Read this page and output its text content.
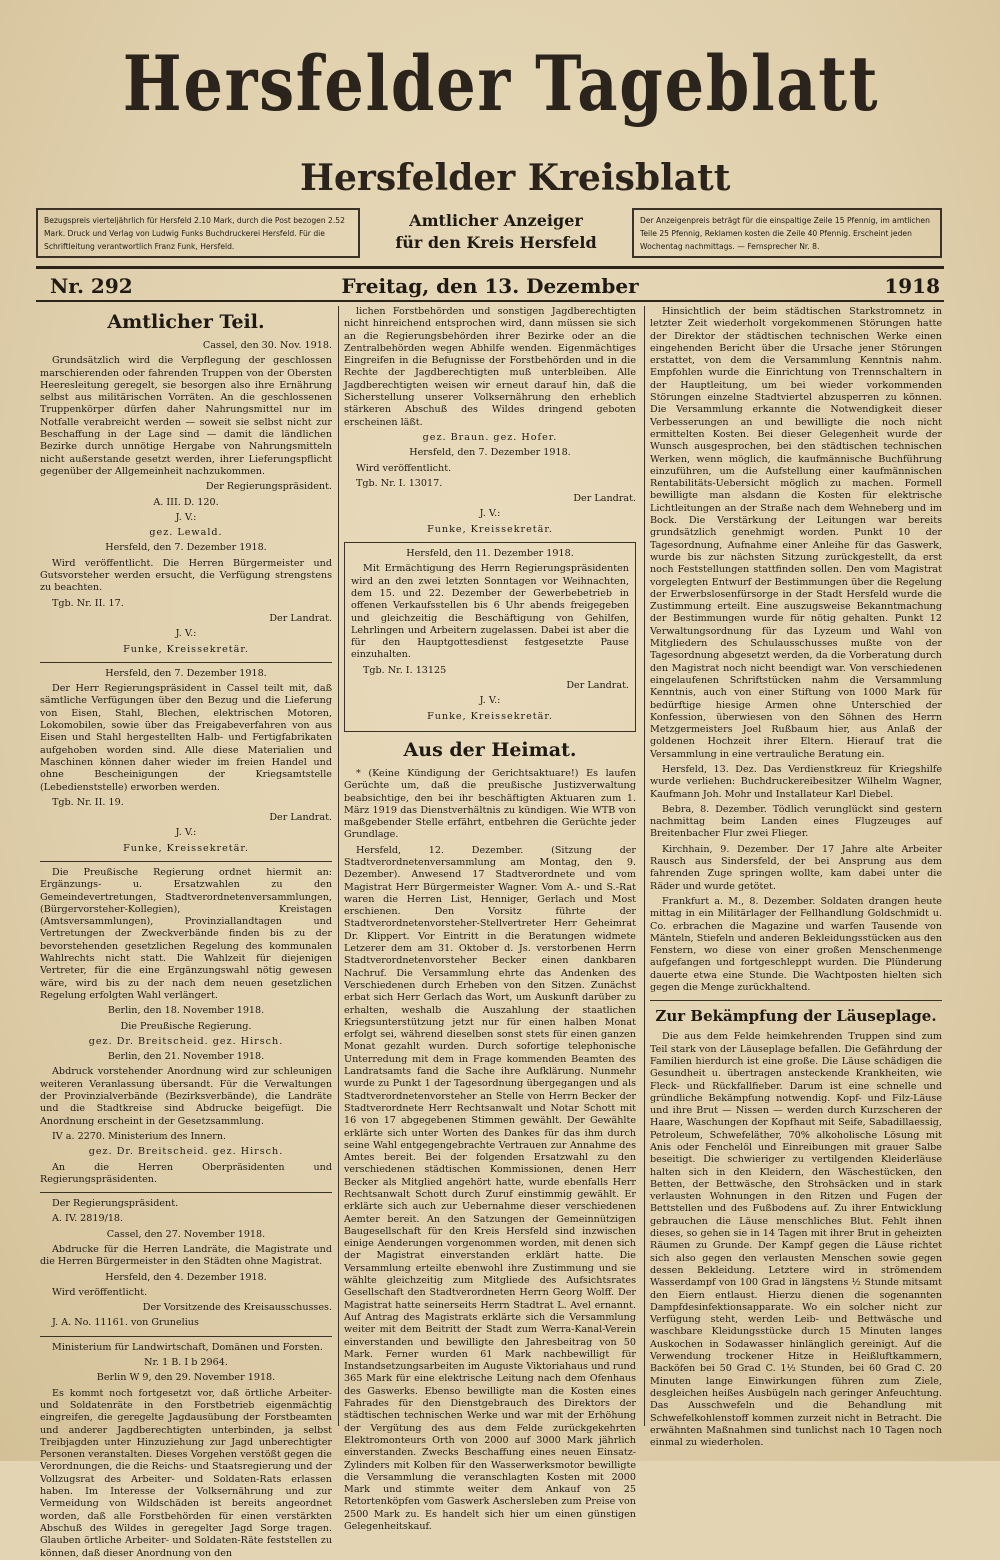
Hersfelder Tageblatt
Hersfelder Kreisblatt
Bezugspreis vierteljährlich für Hersfeld 2.10 Mark, durch die Post bezogen 2.52 Mark. Druck und Verlag von Ludwig Funks Buchdruckerei Hersfeld. Für die Schriftleitung verantwortlich Franz Funk, Hersfeld.
Amtlicher Anzeiger
für den Kreis Hersfeld
Der Anzeigenpreis beträgt für die einspaltige Zeile 15 Pfennig, im amtlichen Teile 25 Pfennig, Reklamen kosten die Zeile 40 Pfennig. Erscheint jeden Wochentag nachmittags. — Fernsprecher Nr. 8.
Nr. 292	Freitag, den 13. Dezember	1918
Amtlicher Teil.

Cassel, den 30. Nov. 1918.

Grundsätzlich wird die Verpflegung der geschlossen marschierenden oder fahrenden Truppen von der Obersten Heeresleitung geregelt, sie besorgen also ihre Ernährung selbst aus militärischen Vorräten. An die geschlossenen Truppenkörper dürfen daher Nahrungsmittel nur im Notfalle verabreicht werden — soweit sie selbst nicht zur Beschaffung in der Lage sind — damit die ländlichen Bezirke durch unnötige Hergabe von Nahrungsmitteln nicht außerstande gesetzt werden, ihrer Lieferungspflicht gegenüber der Allgemeinheit nachzukommen.

Der Regierungspräsident.

A. III. D. 120.

J. V.:

gez. Lewald.

Hersfeld, den 7. Dezember 1918.

Wird veröffentlicht. Die Herren Bürgermeister und Gutsvorsteher werden ersucht, die Verfügung strengstens zu beachten.

Tgb. Nr. II. 17.

Der Landrat.

J. V.:

Funke, Kreissekretär.

Hersfeld, den 7. Dezember 1918.

Der Herr Regierungspräsident in Cassel teilt mit, daß sämtliche Verfügungen über den Bezug und die Lieferung von Eisen, Stahl, Blechen, elektrischen Motoren, Lokomobilen, sowie über das Freigabeverfahren von aus Eisen und Stahl hergestellten Halb- und Fertigfabrikaten aufgehoben worden sind. Alle diese Materialien und Maschinen können daher wieder im freien Handel und ohne Bescheinigungen der Kriegsamtstelle (Lebedienststelle) erworben werden.

Tgb. Nr. II. 19.

Der Landrat.

J. V.:

Funke, Kreissekretär.

Die Preußische Regierung ordnet hiermit an: Ergänzungs- u. Ersatzwahlen zu den Gemeindevertretungen, Stadtverordnetenversammlungen, (Bürgervorsteher-Kollegien), Kreistagen (Amtsversammlungen), Provinziallandtagen und Vertretungen der Zweckverbände finden bis zu der bevorstehenden gesetzlichen Regelung des kommunalen Wahlrechts nicht statt. Die Wahlzeit für diejenigen Vertreter, für die eine Ergänzungswahl nötig gewesen wäre, wird bis zu der nach dem neuen gesetzlichen Regelung erfolgten Wahl verlängert.

Berlin, den 18. November 1918.

Die Preußische Regierung.

gez. Dr. Breitscheid. gez. Hirsch.

Berlin, den 21. November 1918.

Abdruck vorstehender Anordnung wird zur schleunigen weiteren Veranlassung übersandt. Für die Verwaltungen der Provinzialverbände (Bezirksverbände), die Landräte und die Stadtkreise sind Abdrucke beigefügt. Die Anordnung erscheint in der Gesetzsammlung.

IV a. 2270. Ministerium des Innern.

gez. Dr. Breitscheid. gez. Hirsch.

An die Herren Oberpräsidenten und Regierungspräsidenten.

Der Regierungspräsident.

A. IV. 2819/18.

Cassel, den 27. November 1918.

Abdrucke für die Herren Landräte, die Magistrate und die Herren Bürgermeister in den Städten ohne Magistrat.

Hersfeld, den 4. Dezember 1918.

Wird veröffentlicht.

Der Vorsitzende des Kreisausschusses.

J. A. No. 11161. von Grunelius

Ministerium für Landwirtschaft, Domänen und Forsten.

Nr. 1 B. I b 2964.

Berlin W 9, den 29. November 1918.

Es kommt noch fortgesetzt vor, daß örtliche Arbeiter- und Soldatenräte in den Forstbetrieb eigenmächtig eingreifen, die geregelte Jagdausübung der Forstbeamten und anderer Jagdberechtigten unterbinden, ja selbst Treibjagden unter Hinzuziehung zur Jagd unberechtigter Personen veranstalten. Dieses Vorgehen verstößt gegen die Verordnungen, die die Reichs- und Staatsregierung und der Vollzugsrat des Arbeiter- und Soldaten-Rats erlassen haben. Im Interesse der Volksernährung und zur Vermeidung von Wildschäden ist bereits angeordnet worden, daß alle Forstbehörden für einen verstärkten Abschuß des Wildes in geregelter Jagd Sorge tragen. Glauben örtliche Arbeiter- und Soldaten-Räte feststellen zu können, daß dieser Anordnung von den

lichen Forstbehörden und sonstigen Jagdberechtigten nicht hinreichend entsprochen wird, dann müssen sie sich an die Regierungsbehörden ihrer Bezirke oder an die Zentralbehörden wegen Abhilfe wenden. Eigenmächtiges Eingreifen in die Befugnisse der Forstbehörden und in die Rechte der Jagdberechtigten muß unterbleiben. Alle Jagdberechtigten weisen wir erneut darauf hin, daß die Sicherstellung unserer Volksernährung den erheblich stärkeren Abschuß des Wildes dringend geboten erscheinen läßt.

gez. Braun. gez. Hofer.

Hersfeld, den 7. Dezember 1918.

Wird veröffentlicht.

Tgb. Nr. I. 13017.

Der Landrat.

J. V.:

Funke, Kreissekretär.

Hersfeld, den 11. Dezember 1918.

Mit Ermächtigung des Herrn Regierungspräsidenten wird an den zwei letzten Sonntagen vor Weihnachten, dem 15. und 22. Dezember der Gewerbebetrieb in offenen Verkaufsstellen bis 6 Uhr abends freigegeben und gleichzeitig die Beschäftigung von Gehilfen, Lehrlingen und Arbeitern zugelassen. Dabei ist aber die für den Hauptgottesdienst festgesetzte Pause einzuhalten.

Tgb. Nr. I. 13125

Der Landrat.

J. V.:

Funke, Kreissekretär.

Aus der Heimat.

* (Keine Kündigung der Gerichtsaktuare!) Es laufen Gerüchte um, daß die preußische Justizverwaltung beabsichtige, den bei ihr beschäftigten Aktuaren zum 1. März 1919 das Dienstverhältnis zu kündigen. Wie WTB von maßgebender Stelle erfährt, entbehren die Gerüchte jeder Grundlage.

Hersfeld, 12. Dezember. (Sitzung der Stadtverordnetenversammlung am Montag, den 9. Dezember). Anwesend 17 Stadtverordnete und vom Magistrat Herr Bürgermeister Wagner. Vom A.- und S.-Rat waren die Herren List, Henniger, Gerlach und Most erschienen. Den Vorsitz führte der Stadtverordnetenvorsteher-Stellvertreter Herr Geheimrat Dr. Klippert. Vor Eintritt in die Beratungen widmete Letzerer dem am 31. Oktober d. Js. verstorbenen Herrn Stadtverordnetenvorsteher Becker einen dankbaren Nachruf. Die Versammlung ehrte das Andenken des Verschiedenen durch Erheben von den Sitzen. Zunächst erbat sich Herr Gerlach das Wort, um Auskunft darüber zu erhalten, weshalb die Auszahlung der staatlichen Kriegsunterstützung jetzt nur für einen halben Monat erfolgt sei, während dieselben sonst stets für einen ganzen Monat gezahlt wurden. Durch sofortige telephonische Unterredung mit dem in Frage kommenden Beamten des Landratsamts fand die Sache ihre Aufklärung. Nunmehr wurde zu Punkt 1 der Tagesordnung übergegangen und als Stadtverordnetenvorsteher an Stelle von Herrn Becker der Stadtverordnete Herr Rechtsanwalt und Notar Schott mit 16 von 17 abgegebenen Stimmen gewählt. Der Gewählte erklärte sich unter Worten des Dankes für das ihm durch seine Wahl entgegengebrachte Vertrauen zur Annahme des Amtes bereit. Bei der folgenden Ersatzwahl zu den verschiedenen städtischen Kommissionen, denen Herr Becker als Mitglied angehört hatte, wurde ebenfalls Herr Rechtsanwalt Schott durch Zuruf einstimmig gewählt. Er erklärte sich auch zur Uebernahme dieser verschiedenen Aemter bereit. An den Satzungen der Gemeinnützigen Baugesellschaft für den Kreis Hersfeld sind inzwischen einige Aenderungen vorgenommen worden, mit denen sich der Magistrat einverstanden erklärt hatte. Die Versammlung erteilte ebenwohl ihre Zustimmung und sie wählte gleichzeitig zum Mitgliede des Aufsichtsrates Gesellschaft den Stadtverordneten Herrn Georg Wolff. Der Magistrat hatte seinerseits Herrn Stadtrat L. Avel ernannt. Auf Antrag des Magistrats erklärte sich die Versammlung weiter mit dem Beitritt der Stadt zum Werra-Kanal-Verein einverstanden und bewilligte den Jahresbeitrag von 50 Mark. Ferner wurden 61 Mark nachbewilligt für Instandsetzungsarbeiten im Auguste Viktoriahaus und rund 365 Mark für eine elektrische Leitung nach dem Ofenhaus des Gaswerks. Ebenso bewilligte man die Kosten eines Fahrades für den Dienstgebrauch des Direktors der städtischen technischen Werke und war mit der Erhöhung der Vergütung des aus dem Felde zurückgekehrten Elektromonteurs Orth von 2000 auf 3000 Mark jährlich einverstanden. Zwecks Beschaffung eines neuen Einsatz-Zylinders mit Kolben für den Wasserwerksmotor bewilligte die Versammlung die veranschlagten Kosten mit 2000 Mark und stimmte weiter dem Ankauf von 25 Retortenköpfen vom Gaswerk Aschersleben zum Preise von 2500 Mark zu. Es handelt sich hier um einen günstigen Gelegenheitskauf.

Hinsichtlich der beim städtischen Starkstromnetz in letzter Zeit wiederholt vorgekommenen Störungen hatte der Direktor der städtischen technischen Werke einen eingehenden Bericht über die Ursache jener Störungen erstattet, von dem die Versammlung Kenntnis nahm. Empfohlen wurde die Einrichtung von Trennschaltern in der Hauptleitung, um bei wieder vorkommenden Störungen einzelne Stadtviertel abzusperren zu können. Die Versammlung erkannte die Notwendigkeit dieser Verbesserungen an und bewilligte die noch nicht ermittelten Kosten. Bei dieser Gelegenheit wurde der Wunsch ausgesprochen, bei den städtischen technischen Werken, wenn möglich, die kaufmännische Buchführung einzuführen, um die Aufstellung einer kaufmännischen Rentabilitäts-Uebersicht möglich zu machen. Formell bewilligte man alsdann die Kosten für elektrische Lichtleitungen an der Straße nach dem Wehneberg und im Bock. Die Verstärkung der Leitungen war bereits grundsätzlich genehmigt worden. Punkt 10 der Tagesordnung, Aufnahme einer Anleihe für das Gaswerk, wurde bis zur nächsten Sitzung zurückgestellt, da erst noch Feststellungen stattfinden sollen. Den vom Magistrat vorgelegten Entwurf der Bestimmungen über die Regelung der Erwerbslosenfürsorge in der Stadt Hersfeld wurde die Zustimmung erteilt. Eine auszugsweise Bekanntmachung der Bestimmungen wurde für nötig gehalten. Punkt 12 Verwaltungsordnung für das Lyzeum und Wahl von Mitgliedern des Schulausschusses mußte von der Tagesordnung abgesetzt werden, da die Vorberatung durch den Magistrat noch nicht beendigt war. Von verschiedenen eingelaufenen Schriftstücken nahm die Versammlung Kenntnis, auch von einer Stiftung von 1000 Mark für bedürftige hiesige Armen ohne Unterschied der Konfession, überwiesen von den Söhnen des Herrn Metzgermeisters Joel Rußbaum hier, aus Anlaß der goldenen Hochzeit ihrer Eltern. Hierauf trat die Versammlung in eine vertrauliche Beratung ein.

Hersfeld, 13. Dez. Das Verdienstkreuz für Kriegshilfe wurde verliehen: Buchdruckereibesitzer Wilhelm Wagner, Kaufmann Joh. Mohr und Installateur Karl Diebel.

Bebra, 8. Dezember. Tödlich verunglückt sind gestern nachmittag beim Landen eines Flugzeuges auf Breitenbacher Flur zwei Flieger.

Kirchhain, 9. Dezember. Der 17 Jahre alte Arbeiter Rausch aus Sindersfeld, der bei Ansprung aus dem fahrenden Zuge springen wollte, kam dabei unter die Räder und wurde getötet.

Frankfurt a. M., 8. Dezember. Soldaten drangen heute mittag in ein Militärlager der Fellhandlung Goldschmidt u. Co. erbrachen die Magazine und warfen Tausende von Mänteln, Stiefeln und anderen Bekleidungsstücken aus den Fenstern, wo diese von einer großen Menschenmenge aufgefangen und fortgeschleppt wurden. Die Plünderung dauerte etwa eine Stunde. Die Wachtposten hielten sich gegen die Menge zurückhaltend.

Zur Bekämpfung der Läuseplage.

Die aus dem Felde heimkehrenden Truppen sind zum Teil stark von der Läuseplage befallen. Die Gefährdung der Familien hierdurch ist eine große. Die Läuse schädigen die Gesundheit u. übertragen ansteckende Krankheiten, wie Fleck- und Rückfallfieber. Darum ist eine schnelle und gründliche Bekämpfung notwendig. Kopf- und Filz-Läuse und ihre Brut — Nissen — werden durch Kurzscheren der Haare, Waschungen der Kopfhaut mit Seife, Sabadillaessig, Petroleum, Schwefeläther, 70% alkoholische Lösung mit Anis oder Fenchelöl und Einreibungen mit grauer Salbe beseitigt. Die schwieriger zu vertilgenden Kleiderläuse halten sich in den Kleidern, den Wäschestücken, den Betten, der Bettwäsche, den Strohsäcken und in stark verlausten Wohnungen in den Ritzen und Fugen der Bettstellen und des Fußbodens auf. Zu ihrer Entwicklung gebrauchen die Läuse menschliches Blut. Fehlt ihnen dieses, so gehen sie in 14 Tagen mit ihrer Brut in geheizten Räumen zu Grunde. Der Kampf gegen die Läuse richtet sich also gegen den verlausten Menschen sowie gegen dessen Bekleidung. Letztere wird in strömendem Wasserdampf von 100 Grad in längstens ½ Stunde mitsamt den Eiern entlaust. Hierzu dienen die sogenannten Dampfdesinfektionsapparate. Wo ein solcher nicht zur Verfügung steht, werden Leib- und Bettwäsche und waschbare Kleidungsstücke durch 15 Minuten langes Auskochen in Sodawasser hinlänglich gereinigt. Auf die Verwendung trockener Hitze in Heißluftkammern, Backöfen bei 50 Grad C. 1½ Stunden, bei 60 Grad C. 20 Minuten lange Einwirkungen führen zum Ziele, desgleichen heißes Ausbügeln nach geringer Anfeuchtung. Das Ausschwefeln und die Behandlung mit Schwefelkohlenstoff kommen zurzeit nicht in Betracht. Die erwähnten Maßnahmen sind tunlichst nach 10 Tagen noch einmal zu wiederholen.
